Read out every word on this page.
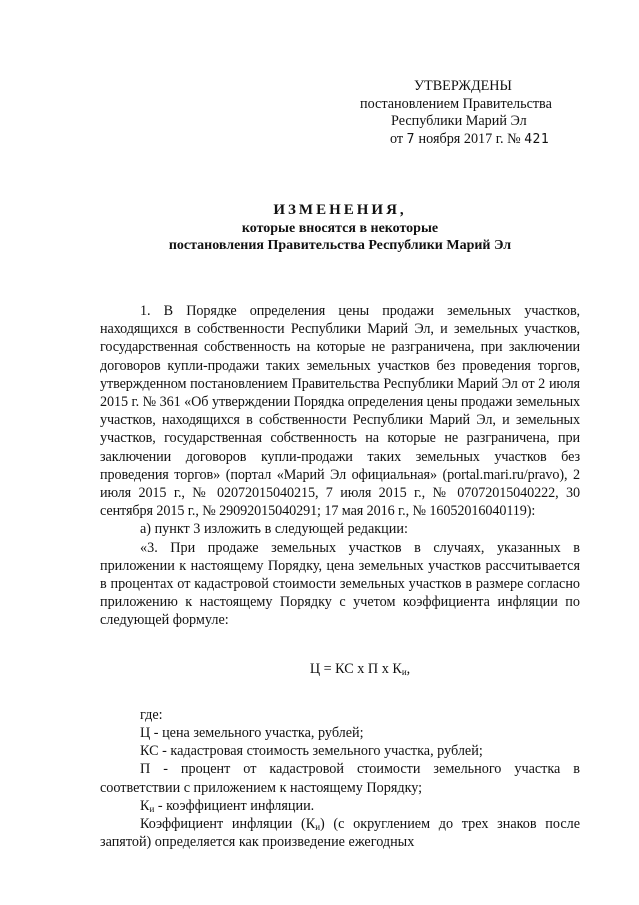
УТВЕРЖДЕНЫ
постановлением Правительства
Республики Марий Эл
от 7 ноября 2017 г. № 421
ИЗМЕНЕНИЯ,
которые вносятся в некоторые
постановления Правительства Республики Марий Эл

1. В Порядке определения цены продажи земельных участков, находящихся в собственности Республики Марий Эл, и земельных участков, государственная собственность на которые не разграничена, при заключении договоров купли-продажи таких земельных участков без проведения торгов, утвержденном постановлением Правительства Республики Марий Эл от 2 июля 2015 г. № 361 «Об утверждении Порядка определения цены продажи земельных участков, находящихся в собственности Республики Марий Эл, и земельных участков, государственная собственность на которые не разграничена, при заключении договоров купли-продажи таких земельных участков без проведения торгов» (портал «Марий Эл официальная» (portal.mari.ru/pravo), 2 июля 2015 г., № 02072015040215, 7 июля 2015 г., № 07072015040222, 30 сентября 2015 г., № 29092015040291; 17 мая 2016 г., № 16052016040119):

а) пункт 3 изложить в следующей редакции:

«3. При продаже земельных участков в случаях, указанных в приложении к настоящему Порядку, цена земельных участков рассчитывается в процентах от кадастровой стоимости земельных участков в размере согласно приложению к настоящему Порядку с учетом коэффициента инфляции по следующей формуле:

Ц = КС х П х $К_и$,

где:

Ц - цена земельного участка, рублей;

КС - кадастровая стоимость земельного участка, рублей;

П - процент от кадастровой стоимости земельного участка в соответствии с приложением к настоящему Порядку;

$К_и$ - коэффициент инфляции.

Коэффициент инфляции $(К_и)$ (с округлением до трех знаков после запятой) определяется как произведение ежегодных
